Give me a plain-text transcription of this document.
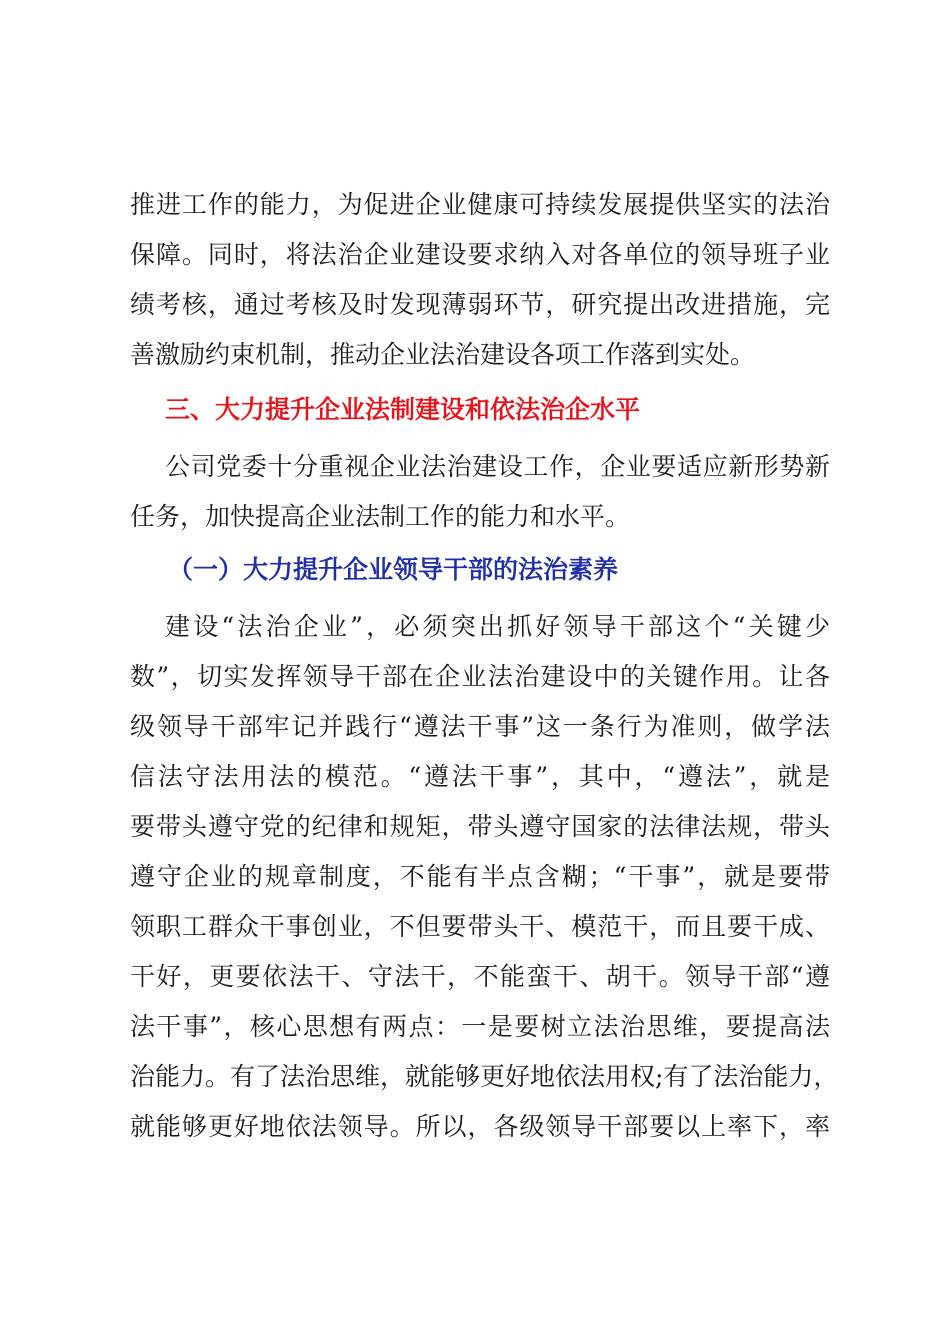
推进工作的能力，为促进企业健康可持续发展提供坚实的法治
保障。同时，将法治企业建设要求纳入对各单位的领导班子业
绩考核，通过考核及时发现薄弱环节，研究提出改进措施，完
善激励约束机制，推动企业法治建设各项工作落到实处。
三、大力提升企业法制建设和依法治企水平
公司党委十分重视企业法治建设工作，企业要适应新形势新
任务，加快提高企业法制工作的能力和水平。
（一）大力提升企业领导干部的法治素养
建设“法治企业”，必须突出抓好领导干部这个“关键少
数”，切实发挥领导干部在企业法治建设中的关键作用。让各
级领导干部牢记并践行“遵法干事”这一条行为准则，做学法
信法守法用法的模范。“遵法干事”，其中，“遵法”，就是
要带头遵守党的纪律和规矩，带头遵守国家的法律法规，带头
遵守企业的规章制度，不能有半点含糊；“干事”，就是要带
领职工群众干事创业，不但要带头干、模范干，而且要干成、
干好，更要依法干、守法干，不能蛮干、胡干。领导干部“遵
法干事”，核心思想有两点：一是要树立法治思维，要提高法
治能力。有了法治思维，就能够更好地依法用权;有了法治能力，
就能够更好地依法领导。所以，各级领导干部要以上率下，率
